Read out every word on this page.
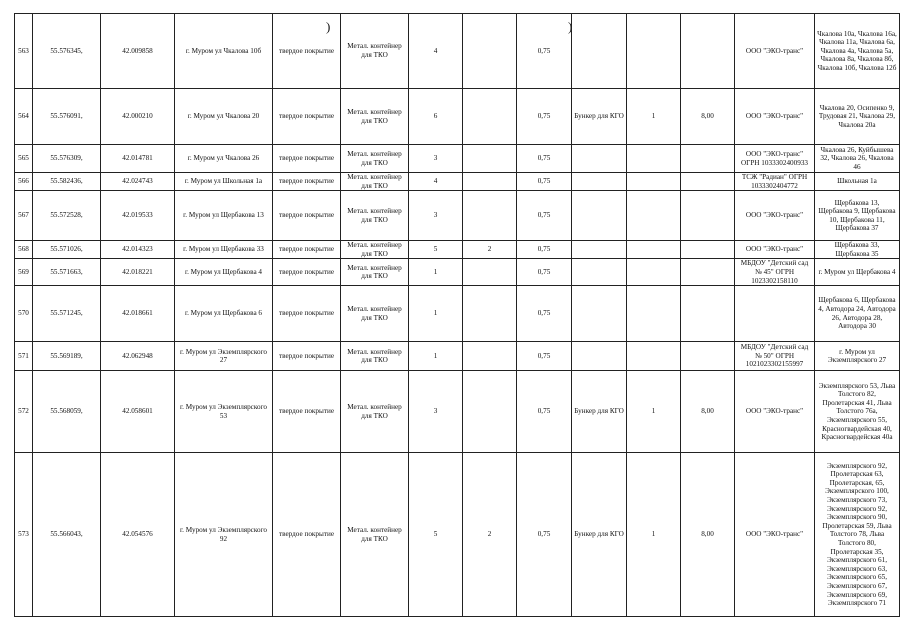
)	)
563	55.576345,	42.009858	г. Муром ул Чкалова 10б	твердое покрытие	Метал. контейнер для ТКО	4		0,75				ООО "ЭКО-транс"	Чкалова 10а, Чкалова 16а, Чкалова 11а, Чкалова 6а, Чкалова 4а, Чкалова 5а, Чкалова 8а, Чкалова 8б, Чкалова 10б, Чкалова 12б
564	55.576091,	42.000210	г. Муром ул Чкалова 20	твердое покрытие	Метал. контейнер для ТКО	6		0,75	Бункер для КГО	1	8,00	ООО "ЭКО-транс"	Чкалова 20, Осипенко 9, Трудовая 21, Чкалова 29, Чкалова 20а
565	55.576309,	42.014781	г. Муром ул Чкалова 26	твердое покрытие	Метал. контейнер для ТКО	3		0,75				ООО "ЭКО-транс" ОГРН 1033302400933	Чкалова 26, Куйбышева 32, Чкалова 26, Чкалова 46
566	55.582436,	42.024743	г. Муром ул Школьная 1а	твердое покрытие	Метал. контейнер для ТКО	4		0,75				ТСЖ "Радиан" ОГРН 1033302404772	Школьная 1а
567	55.572528,	42.019533	г. Муром ул Щербакова 13	твердое покрытие	Метал. контейнер для ТКО	3		0,75				ООО "ЭКО-транс"	Щербакова 13, Щербакова 9, Щербакова 10, Щербакова 11, Щербакова 37
568	55.571026,	42.014323	г. Муром ул Щербакова 33	твердое покрытие	Метал. контейнер для ТКО	5	2	0,75				ООО "ЭКО-транс"	Щербакова 33, Щербакова 35
569	55.571663,	42.018221	г. Муром ул Щербакова 4	твердое покрытие	Метал. контейнер для ТКО	1		0,75				МБДОУ "Детский сад № 45" ОГРН 1023302158110	г. Муром ул Щербакова 4
570	55.571245,	42.018661	г. Муром ул Щербакова 6	твердое покрытие	Метал. контейнер для ТКО	1		0,75					Щербакова 6, Щербакова 4, Автодора 24, Автодора 26, Автодора 28, Автодора 30
571	55.569189,	42.062948	г. Муром ул Экземплярского 27	твердое покрытие	Метал. контейнер для ТКО	1		0,75				МБДОУ "Детский сад № 50" ОГРН 1021023302155997	г. Муром ул Экземплярского 27
572	55.568059,	42.058601	г. Муром ул Экземплярского 53	твердое покрытие	Метал. контейнер для ТКО	3		0,75	Бункер для КГО	1	8,00	ООО "ЭКО-транс"	Экземплярского 53, Льва Толстого 82, Пролетарская 41, Льва Толстого 76а, Экземплярского 55, Красногвардейская 40, Красногвардейская 40а
573	55.566043,	42.054576	г. Муром ул Экземплярского 92	твердое покрытие	Метал. контейнер для ТКО	5	2	0,75	Бункер для КГО	1	8,00	ООО "ЭКО-транс"	Экземплярского 92, Пролетарская 63, Пролетарская, 65, Экземплярского 100, Экземплярского 73, Экземплярского 92, Экземплярского 90, Пролетарская 59, Льва Толстого 78, Льва Толстого 80, Пролетарская 35, Экземплярского 61, Экземплярского 63, Экземплярского 65, Экземплярского 67, Экземплярского 69, Экземплярского 71
